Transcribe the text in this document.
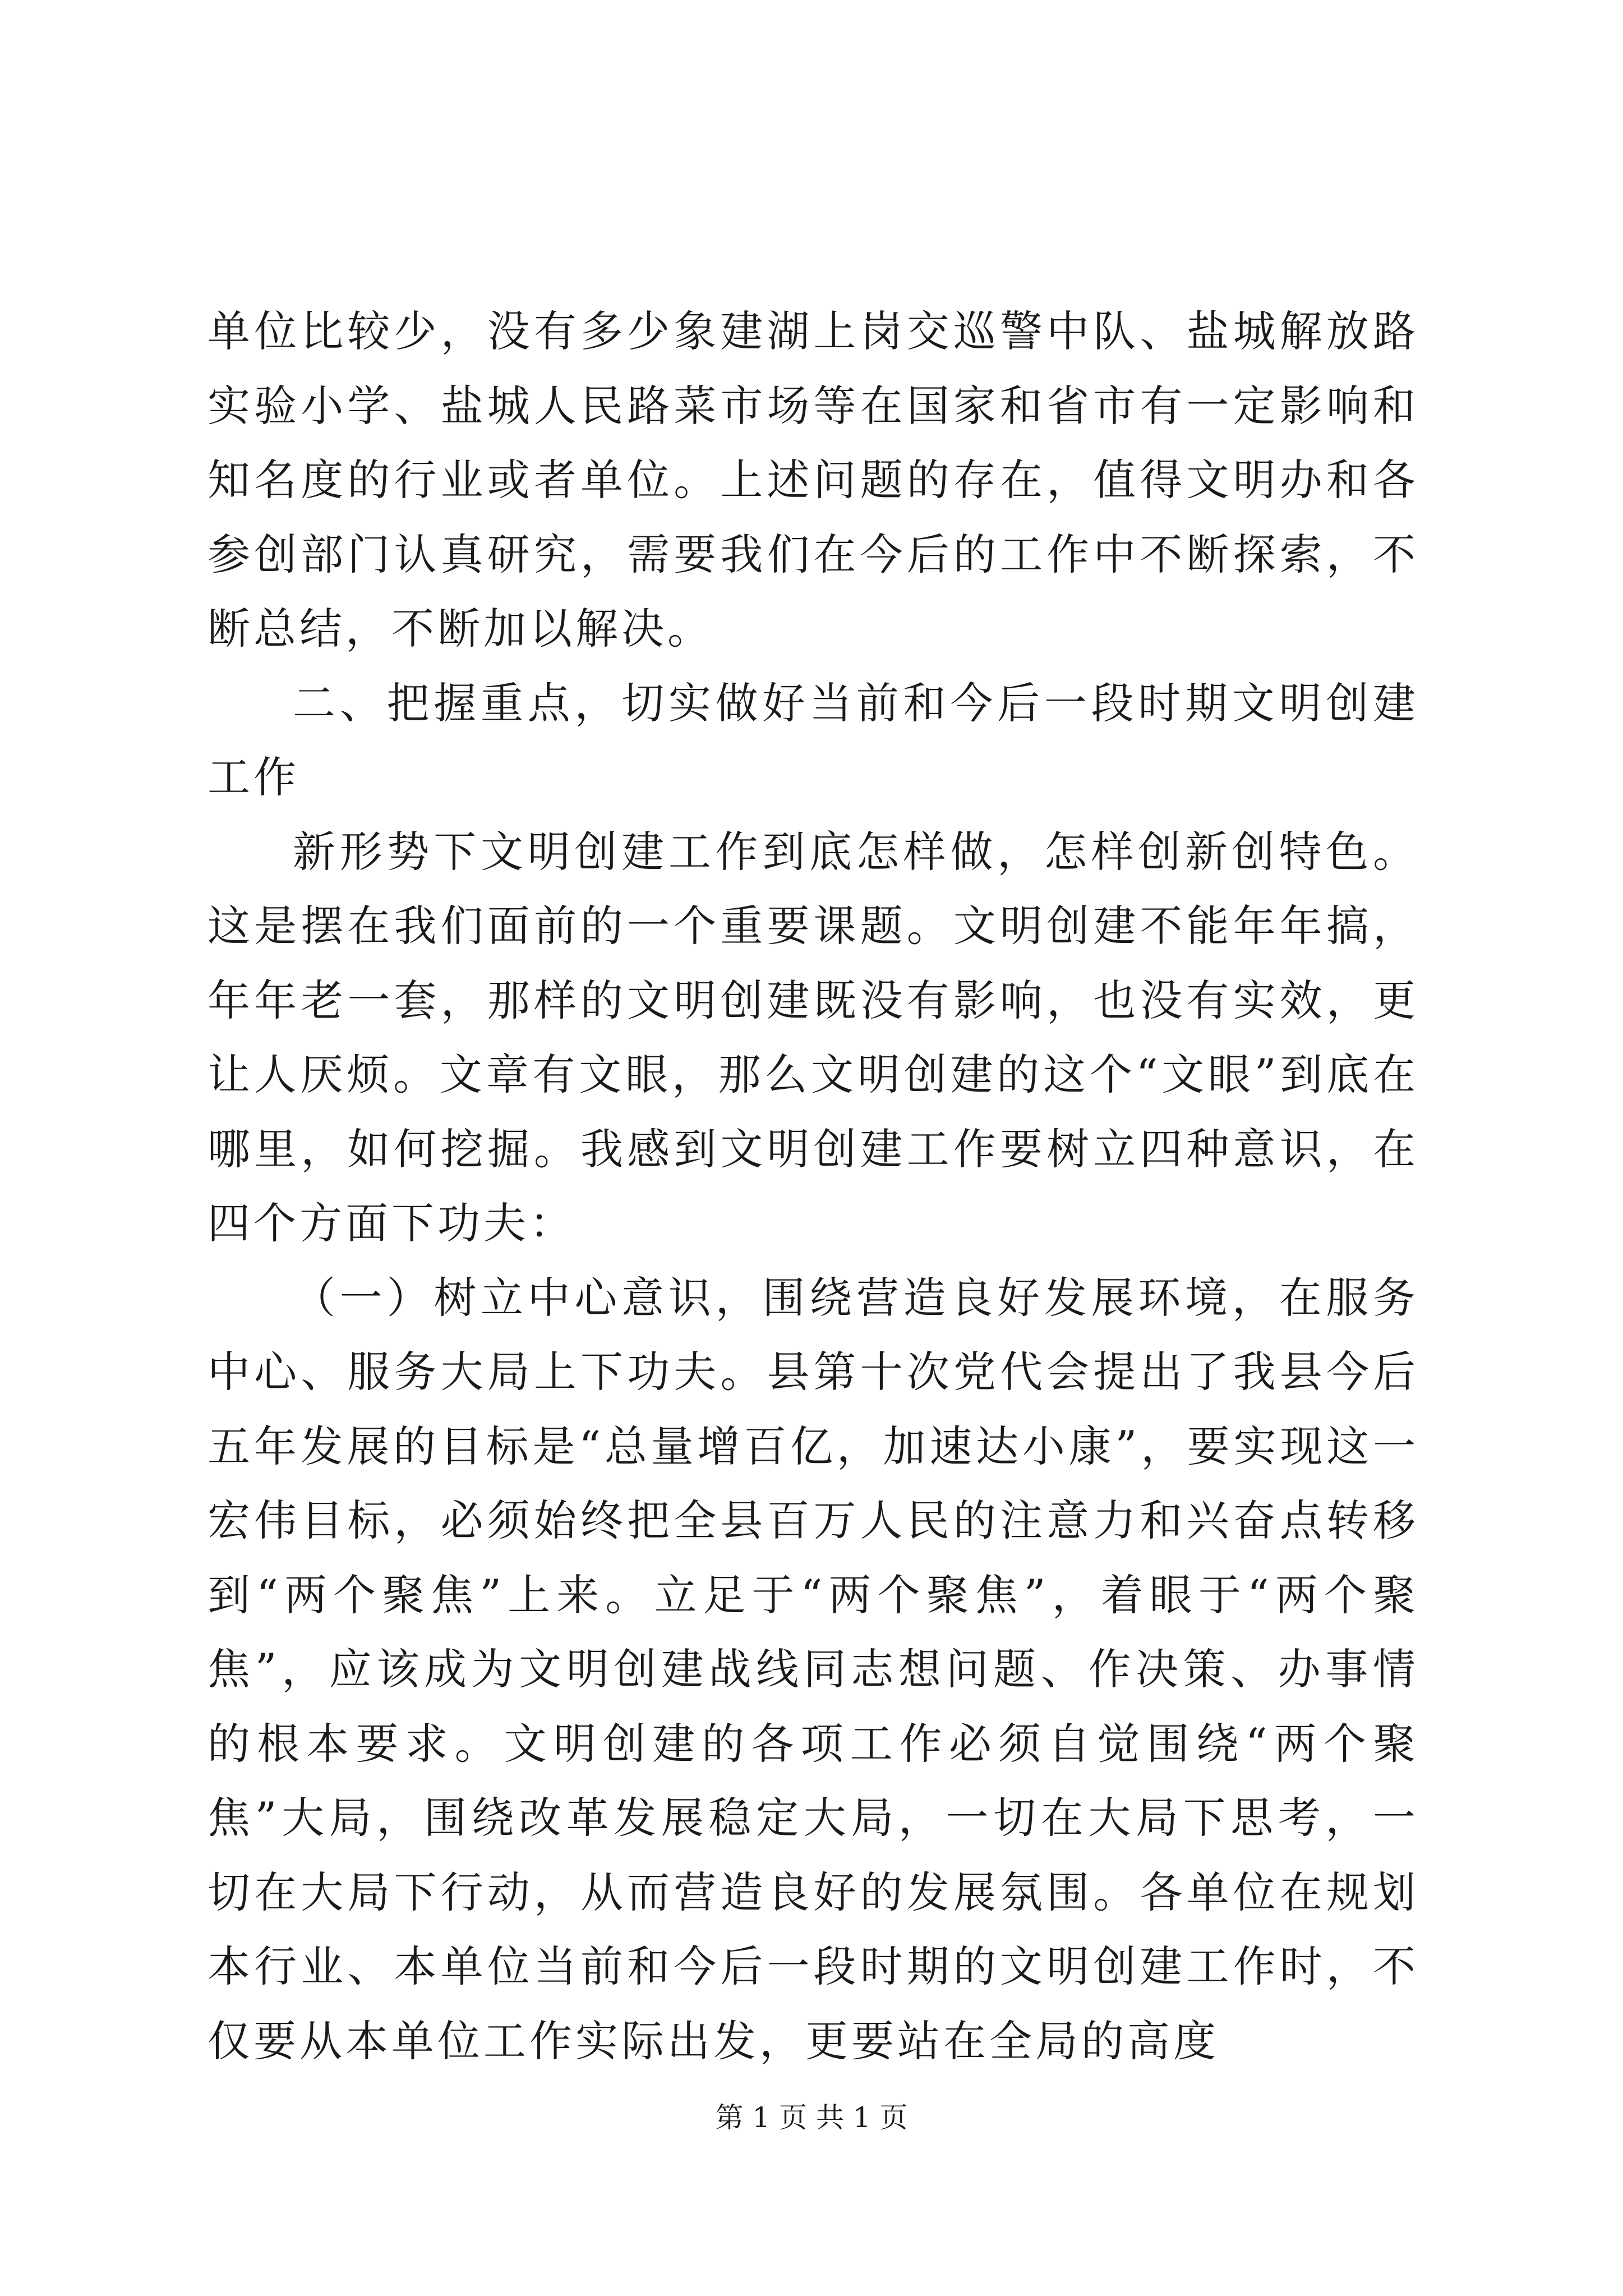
单位比较少，没有多少象建湖上岗交巡警中队、盐城解放路实验小学、盐城人民路菜市场等在国家和省市有一定影响和知名度的行业或者单位。上述问题的存在，值得文明办和各参创部门认真研究，需要我们在今后的工作中不断探索，不断总结，不断加以解决。

二、把握重点，切实做好当前和今后一段时期文明创建工作

新形势下文明创建工作到底怎样做，怎样创新创特色。这是摆在我们面前的一个重要课题。文明创建不能年年搞，年年老一套，那样的文明创建既没有影响，也没有实效，更让人厌烦。文章有文眼，那么文明创建的这个“文眼”到底在哪里，如何挖掘。我感到文明创建工作要树立四种意识，在四个方面下功夫：

（一）树立中心意识，围绕营造良好发展环境，在服务中心、服务大局上下功夫。县第十次党代会提出了我县今后五年发展的目标是“总量增百亿，加速达小康”，要实现这一宏伟目标，必须始终把全县百万人民的注意力和兴奋点转移到“两个聚焦”上来。立足于“两个聚焦”，着眼于“两个聚焦”，应该成为文明创建战线同志想问题、作决策、办事情的根本要求。文明创建的各项工作必须自觉围绕“两个聚焦”大局，围绕改革发展稳定大局，一切在大局下思考，一切在大局下行动，从而营造良好的发展氛围。各单位在规划本行业、本单位当前和今后一段时期的文明创建工作时，不仅要从本单位工作实际出发，更要站在全局的高度

第 1 页 共 1 页
